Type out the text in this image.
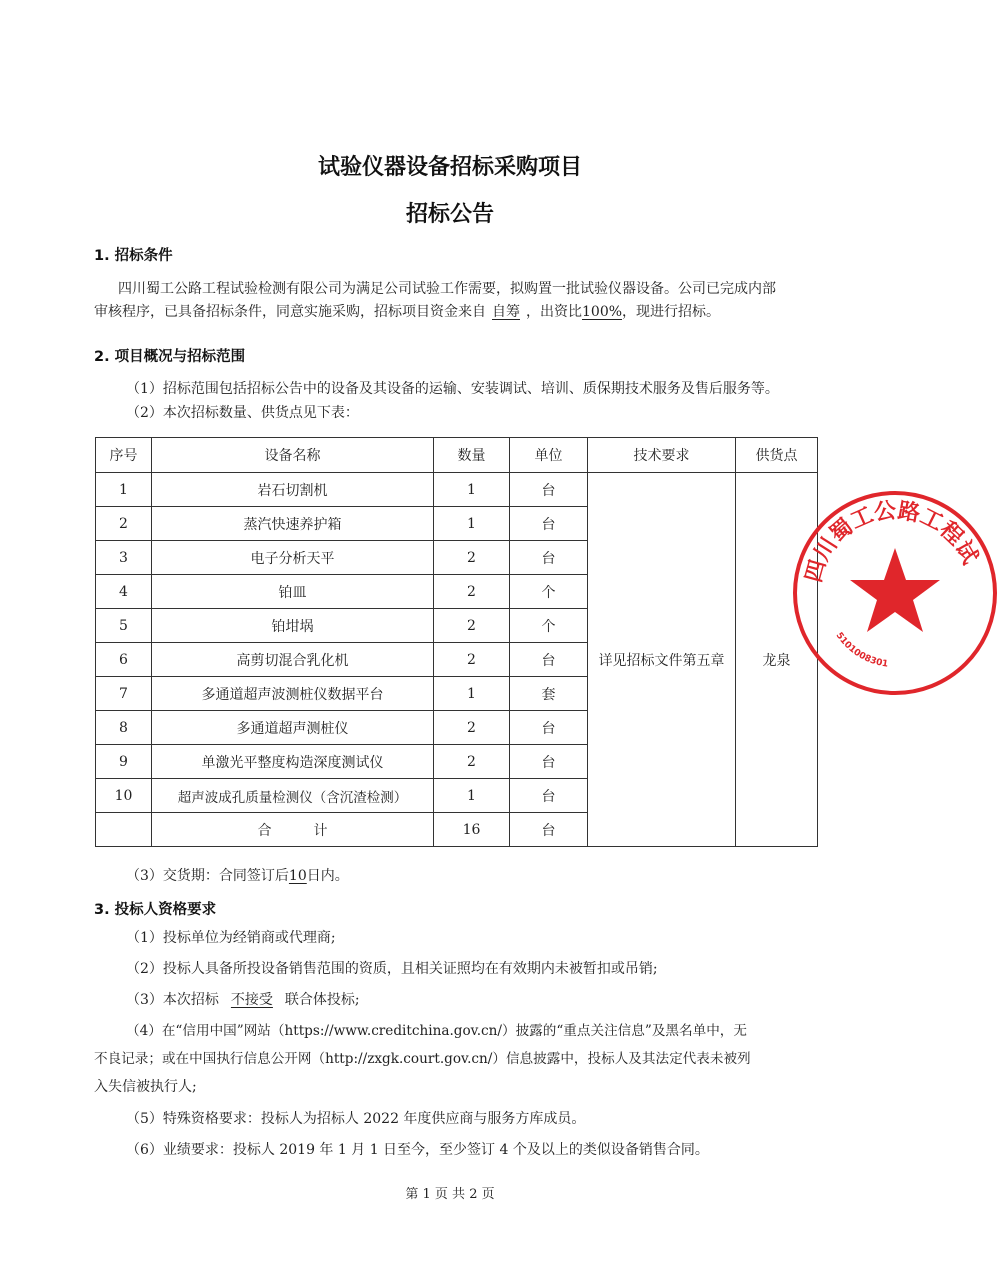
试验仪器设备招标采购项目
招标公告
1. 招标条件
四川蜀工公路工程试验检测有限公司为满足公司试验工作需要，拟购置一批试验仪器设备。公司已完成内部
审核程序，已具备招标条件，同意实施采购，招标项目资金来自 自筹 ，出资比100%，现进行招标。
2. 项目概况与招标范围
（1）招标范围包括招标公告中的设备及其设备的运输、安装调试、培训、质保期技术服务及售后服务等。
（2）本次招标数量、供货点见下表：
序号	设备名称	数量	单位	技术要求	供货点
1	岩石切割机	1	台	详见招标文件第五章	龙泉
2	蒸汽快速养护箱	1	台		
3	电子分析天平	2	台		
4	铂皿	2	个		
5	铂坩埚	2	个		
6	高剪切混合乳化机	2	台		
7	多通道超声波测桩仪数据平台	1	套		
8	多通道超声测桩仪	2	台		
9	单激光平整度构造深度测试仪	2	台		
10	超声波成孔质量检测仪（含沉渣检测）	1	台		
	合　　　计	16	台		
四川蜀工公路工程试
5101008301
（3）交货期：合同签订后10日内。
3. 投标人资格要求
（1）投标单位为经销商或代理商;
（2）投标人具备所投设备销售范围的资质，且相关证照均在有效期内未被暂扣或吊销;
（3）本次招标 不接受 联合体投标;
（4）在“信用中国”网站（https://www.creditchina.gov.cn/）披露的“重点关注信息”及黑名单中，无
不良记录；或在中国执行信息公开网（http://zxgk.court.gov.cn/）信息披露中，投标人及其法定代表未被列
入失信被执行人;
（5）特殊资格要求：投标人为招标人 2022 年度供应商与服务方库成员。
（6）业绩要求：投标人 2019 年 1 月 1 日至今，至少签订 4 个及以上的类似设备销售合同。
第 1 页 共 2 页
